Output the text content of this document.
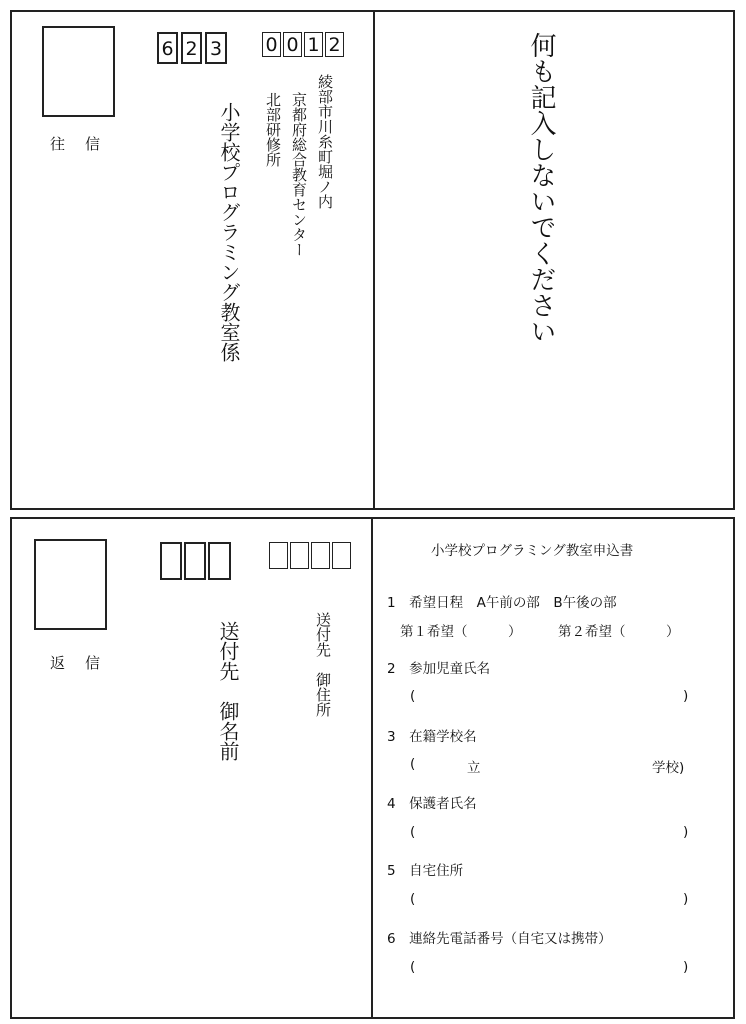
往信
6 2 3 0 0 1 2
綾部市川糸町堀ノ内
京都府総合教育センター
北部研修所
小学校プログラミング教室係	何も記入しないでください
返信	送付先　御住所
送付先　御名前
小学校プログラミング教室申込書
1　希望日程　A午前の部　B午後の部
第１希望（　　　）	第２希望（　　　）
2　参加児童氏名
(	)
3　在籍学校名
(	立	学校)
4　保護者氏名
(	)
5　自宅住所
(	)
6　連絡先電話番号（自宅又は携帯）
(	)
